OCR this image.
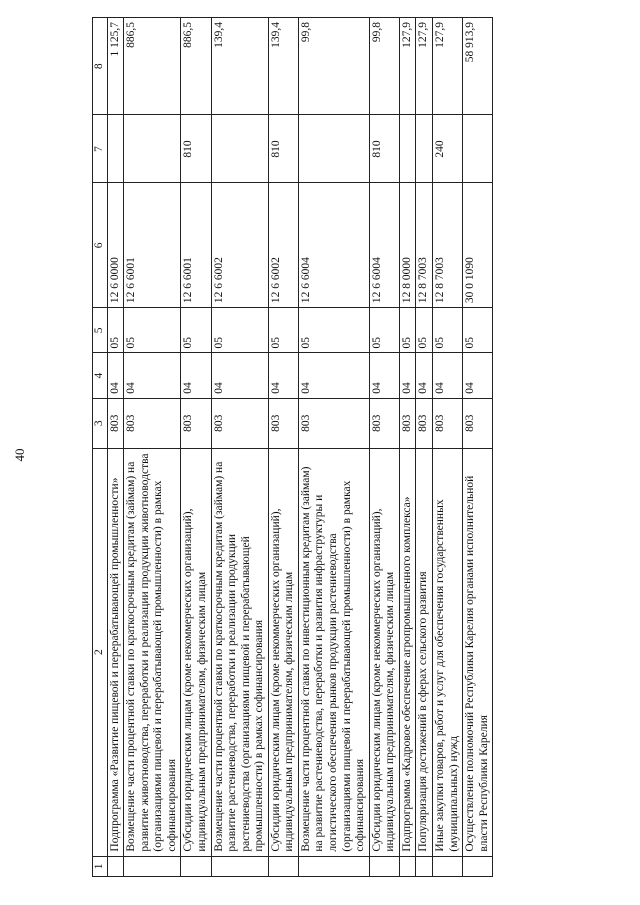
40
1	2	3	4	5	6	7	8
	Подпрограмма «Развитие пищевой и перерабатывающей промышленности»	803	04	05	12 6 0000		1 125,7
	Возмещение части процентной ставки по краткосрочным кредитам (займам) на развитие животноводства, переработки и реализации продукции животноводства (организациями пищевой и перерабатывающей промышленности) в рамках софинансирования	803	04	05	12 6 6001		886,5
	Субсидии юридическим лицам (кроме некоммерческих организаций), индивидуальным предпринимателям, физическим лицам	803	04	05	12 6 6001	810	886,5
	Возмещение части процентной ставки по краткосрочным кредитам (займам) на развитие растениеводства, переработки и реализации продукции растениеводства (организациями пищевой и перерабатывающей промышленности) в рамках софинансирования	803	04	05	12 6 6002		139,4
	Субсидии юридическим лицам (кроме некоммерческих организаций), индивидуальным предпринимателям, физическим лицам	803	04	05	12 6 6002	810	139,4
	Возмещение части процентной ставки по инвестиционным кредитам (займам) на развитие растениеводства, переработки и развития инфраструктуры и логистического обеспечения рынков продукции растениеводства (организациями пищевой и перерабатывающей промышленности) в рамках софинансирования	803	04	05	12 6 6004		99,8
	Субсидии юридическим лицам (кроме некоммерческих организаций), индивидуальным предпринимателям, физическим лицам	803	04	05	12 6 6004	810	99,8
	Подпрограмма «Кадровое обеспечение агропромышленного комплекса»	803	04	05	12 8 0000		127,9
	Популяризация достижений в сферах сельского развития	803	04	05	12 8 7003		127,9
	Иные закупки товаров, работ и услуг для обеспечения государственных (муниципальных) нужд	803	04	05	12 8 7003	240	127,9
	Осуществление полномочий Республики Карелия органами исполнительной власти Республики Карелия	803	04	05	30 0 1090		58 913,9
